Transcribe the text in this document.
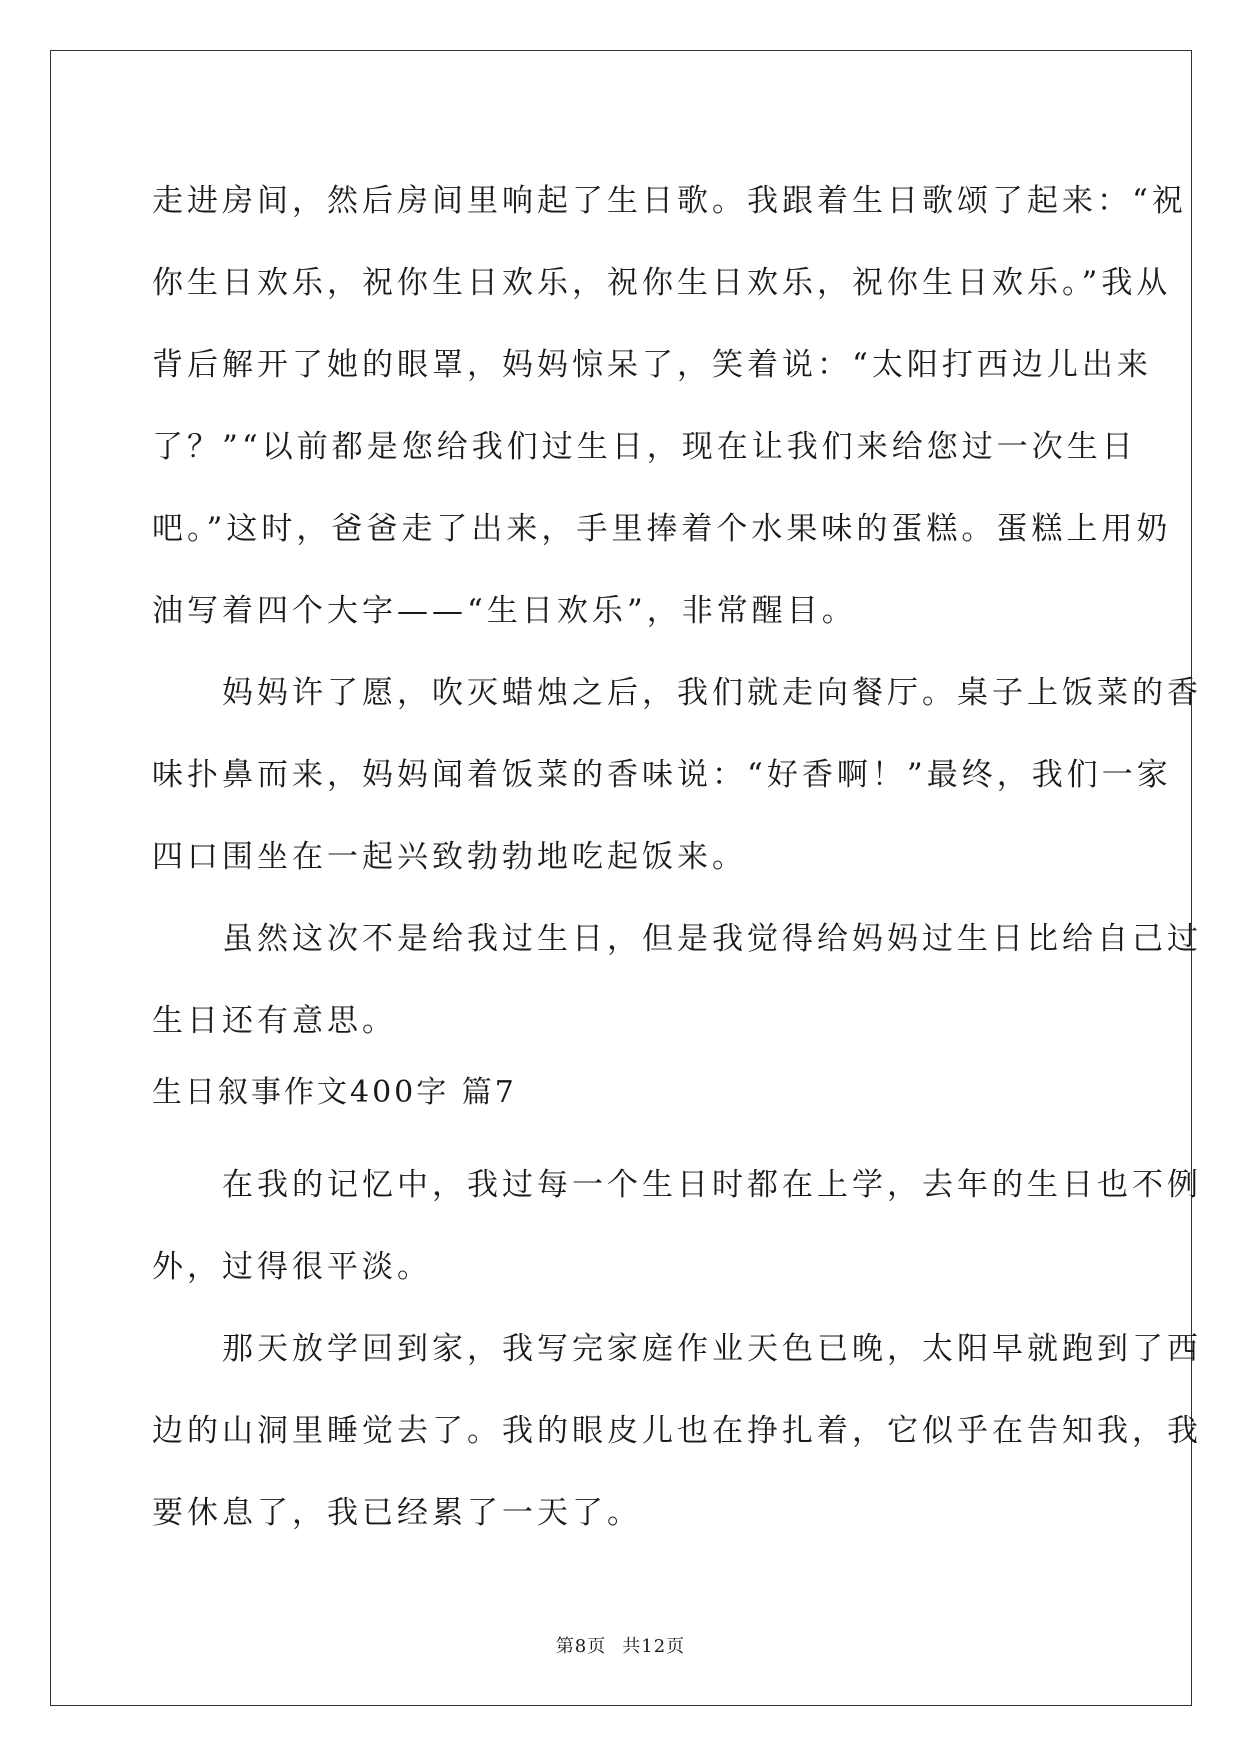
走进房间，然后房间里响起了生日歌。我跟着生日歌颂了起来：“祝
你生日欢乐，祝你生日欢乐，祝你生日欢乐，祝你生日欢乐。”我从
背后解开了她的眼罩，妈妈惊呆了，笑着说：“太阳打西边儿出来
了？”“以前都是您给我们过生日，现在让我们来给您过一次生日
吧。”这时，爸爸走了出来，手里捧着个水果味的蛋糕。蛋糕上用奶
油写着四个大字——“生日欢乐”，非常醒目。
妈妈许了愿，吹灭蜡烛之后，我们就走向餐厅。桌子上饭菜的香
味扑鼻而来，妈妈闻着饭菜的香味说：“好香啊！”最终，我们一家
四口围坐在一起兴致勃勃地吃起饭来。
虽然这次不是给我过生日，但是我觉得给妈妈过生日比给自己过
生日还有意思。
生日叙事作文400字 篇7
在我的记忆中，我过每一个生日时都在上学，去年的生日也不例
外，过得很平淡。
那天放学回到家，我写完家庭作业天色已晚，太阳早就跑到了西
边的山洞里睡觉去了。我的眼皮儿也在挣扎着，它似乎在告知我，我
要休息了，我已经累了一天了。
第8页 共12页
